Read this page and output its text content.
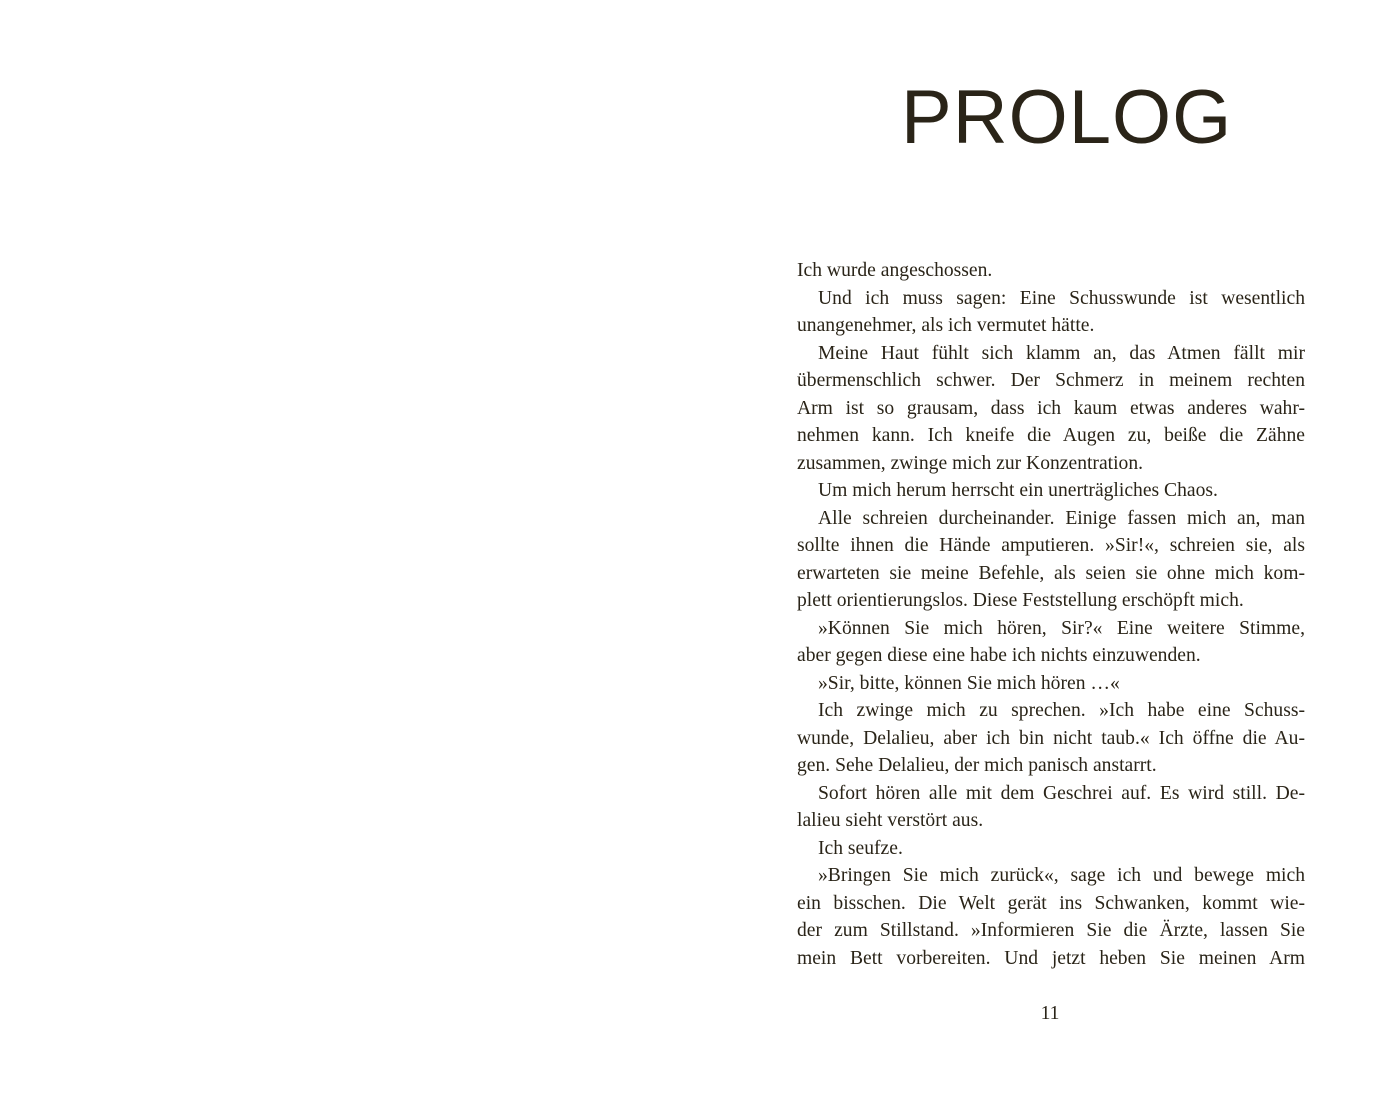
PROLOG
Ich wurde angeschossen.
Und ich muss sagen: Eine Schusswunde ist wesentlich
unangenehmer, als ich vermutet hätte.
Meine Haut fühlt sich klamm an, das Atmen fällt mir
übermenschlich schwer. Der Schmerz in meinem rechten
Arm ist so grausam, dass ich kaum etwas anderes wahr-
nehmen kann. Ich kneife die Augen zu, beiße die Zähne
zusammen, zwinge mich zur Konzentration.
Um mich herum herrscht ein unerträgliches Chaos.
Alle schreien durcheinander. Einige fassen mich an, man
sollte ihnen die Hände amputieren. »Sir!«, schreien sie, als
erwarteten sie meine Befehle, als seien sie ohne mich kom-
plett orientierungslos. Diese Feststellung erschöpft mich.
»Können Sie mich hören, Sir?« Eine weitere Stimme,
aber gegen diese eine habe ich nichts einzuwenden.
»Sir, bitte, können Sie mich hören …«
Ich zwinge mich zu sprechen. »Ich habe eine Schuss-
wunde, Delalieu, aber ich bin nicht taub.« Ich öffne die Au-
gen. Sehe Delalieu, der mich panisch anstarrt.
Sofort hören alle mit dem Geschrei auf. Es wird still. De-
lalieu sieht verstört aus.
Ich seufze.
»Bringen Sie mich zurück«, sage ich und bewege mich
ein bisschen. Die Welt gerät ins Schwanken, kommt wie-
der zum Stillstand. »Informieren Sie die Ärzte, lassen Sie
mein Bett vorbereiten. Und jetzt heben Sie meinen Arm
11
